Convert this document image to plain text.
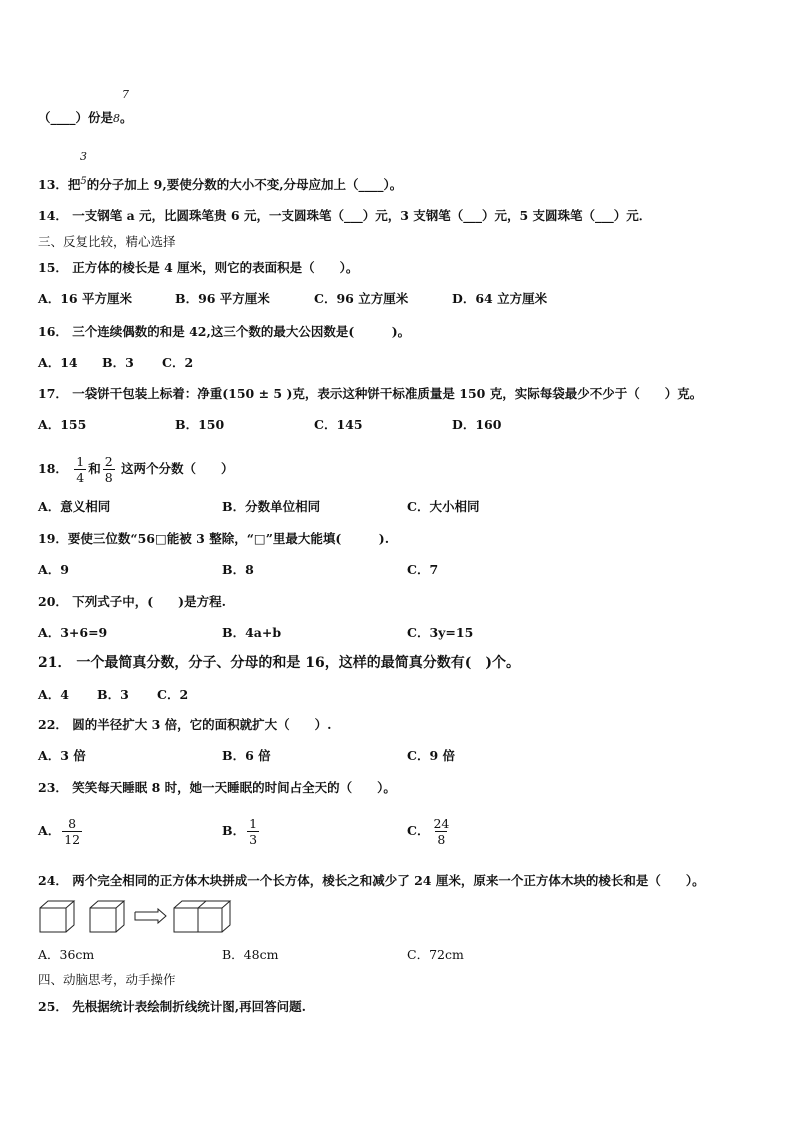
7
（____）份是8。
3
13．把$^5$的分子加上 9,要使分数的大小不变,分母应加上（____）。
14． 一支钢笔 a 元，比圆珠笔贵 6 元，一支圆珠笔（___）元，3 支钢笔（___）元，5 支圆珠笔（___）元．
三、反复比较，精心选择
15． 正方体的棱长是 4 厘米，则它的表面积是（　　）。
A．16 平方厘米	B．96 平方厘米	C．96 立方厘米	D．64 立方厘米
16． 三个连续偶数的和是 42,这三个数的最大公因数是(　　　)。
A．14 B．3 C．2
17． 一袋饼干包装上标着：净重(150 ± 5 )克，表示这种饼干标准质量是 150 克，实际每袋最少不少于（　　）克。
A．155	B．150	C．145	D．160
18． $\frac{1}{4}$ 和 $\frac{2}{8}$ 这两个分数（　　）
A．意义相同	B．分数单位相同	C．大小相同
19．要使三位数“56□能被 3 整除，“□”里最大能填(　　　).
A．9	B．8	C．7
20． 下列式子中，(　　)是方程.
A．3+6=9	B．4a+b	C．3y=15
21． 一个最简真分数，分子、分母的和是 16，这样的最简真分数有(　)个。
A．4 B．3 C．2
22． 圆的半径扩大 3 倍，它的面积就扩大（　　）.
A．3 倍	B．6 倍	C．9 倍
23． 笑笑每天睡眠 8 时，她一天睡眠的时间占全天的（　　）。
A． $\frac{8}{12}$	B． $\frac{1}{3}$	C． $\frac{24}{8}$
24． 两个完全相同的正方体木块拼成一个长方体，棱长之和减少了 24 厘米，原来一个正方体木块的棱长和是（　　）。
A．36cm	B．48cm	C．72cm
四、动脑思考，动手操作
25． 先根据统计表绘制折线统计图,再回答问题.
